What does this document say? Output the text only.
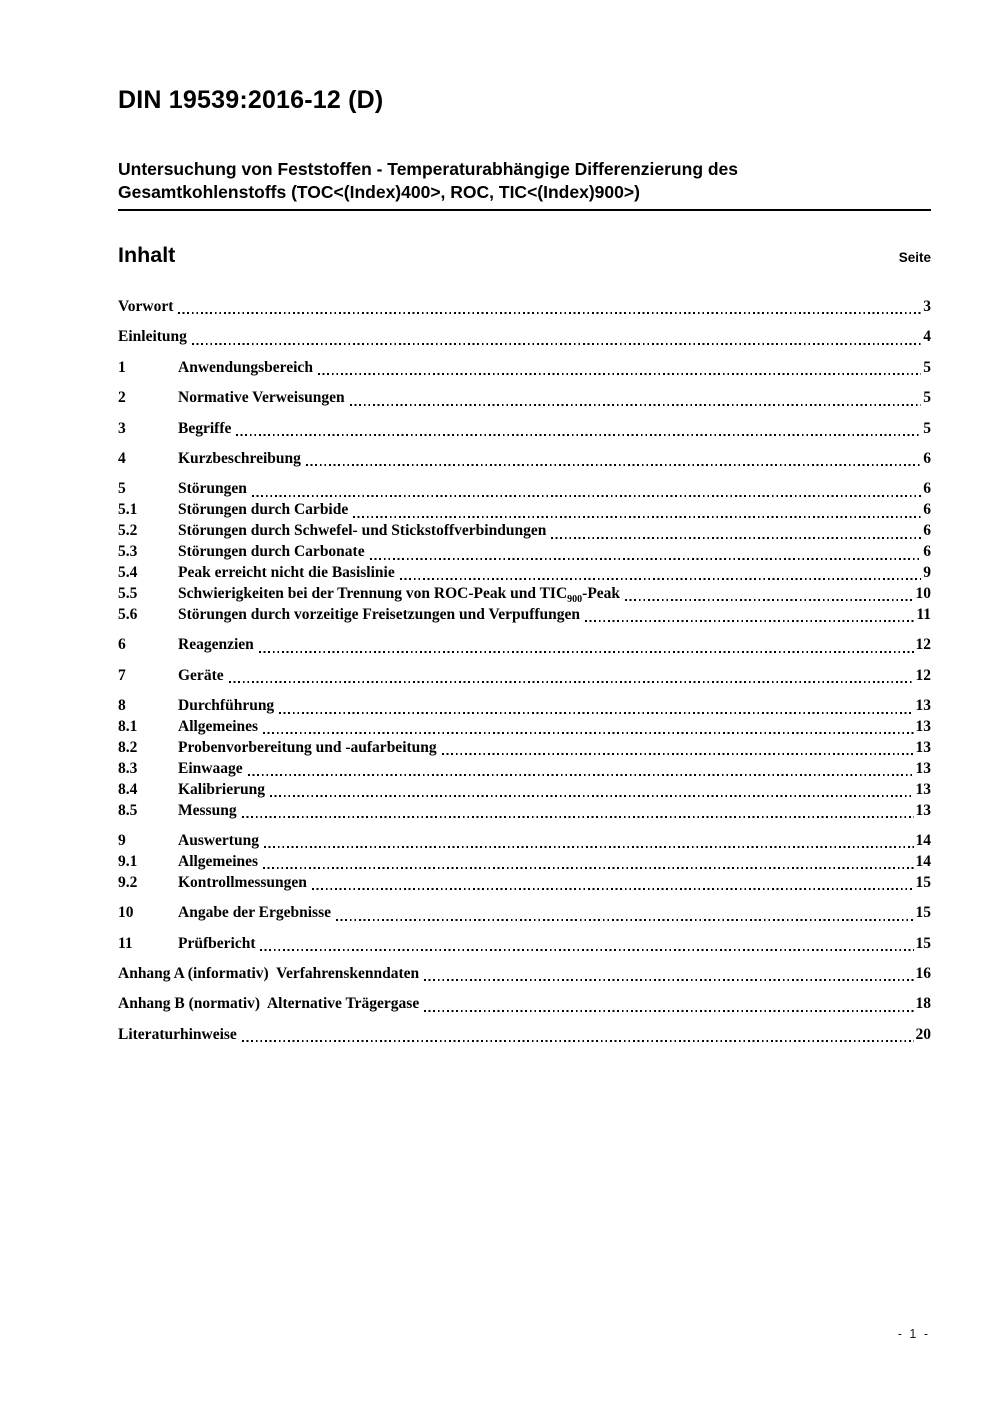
DIN 19539:2016-12 (D)
Untersuchung von Feststoffen - Temperaturabhängige Differenzierung des
Gesamtkohlenstoffs (TOC<(Index)400>, ROC, TIC<(Index)900>)
Inhalt	Seite
Vorwort	3
Einleitung	4
1	Anwendungsbereich	5
2	Normative Verweisungen	5
3	Begriffe	5
4	Kurzbeschreibung	6
5	Störungen	6
5.1	Störungen durch Carbide	6
5.2	Störungen durch Schwefel- und Stickstoffverbindungen	6
5.3	Störungen durch Carbonate	6
5.4	Peak erreicht nicht die Basislinie	9
5.5	Schwierigkeiten bei der Trennung von ROC-Peak und $TIC_{900}$-Peak	10
5.6	Störungen durch vorzeitige Freisetzungen und Verpuffungen	11
6	Reagenzien	12
7	Geräte	12
8	Durchführung	13
8.1	Allgemeines	13
8.2	Probenvorbereitung und -aufarbeitung	13
8.3	Einwaage	13
8.4	Kalibrierung	13
8.5	Messung	13
9	Auswertung	14
9.1	Allgemeines	14
9.2	Kontrollmessungen	15
10	Angabe der Ergebnisse	15
11	Prüfbericht	15
Anhang A (informativ)  Verfahrenskenndaten	16
Anhang B (normativ)  Alternative Trägergase	18
Literaturhinweise	20
- 1 -
